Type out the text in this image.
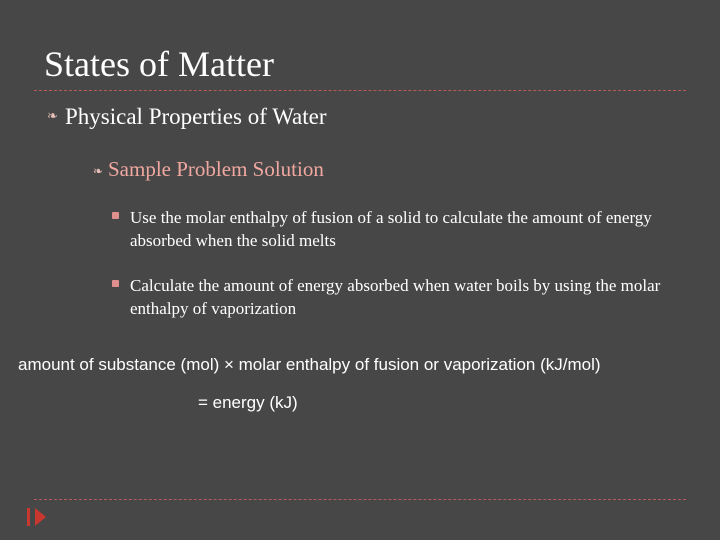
States of Matter
❧ Physical Properties of Water
❧ Sample Problem Solution
Use the molar enthalpy of fusion of a solid to calculate the amount of energy absorbed when the solid melts
Calculate the amount of energy absorbed when water boils by using the molar enthalpy of vaporization
amount of substance (mol) × molar enthalpy of fusion or vaporization (kJ/mol)
= energy (kJ)
